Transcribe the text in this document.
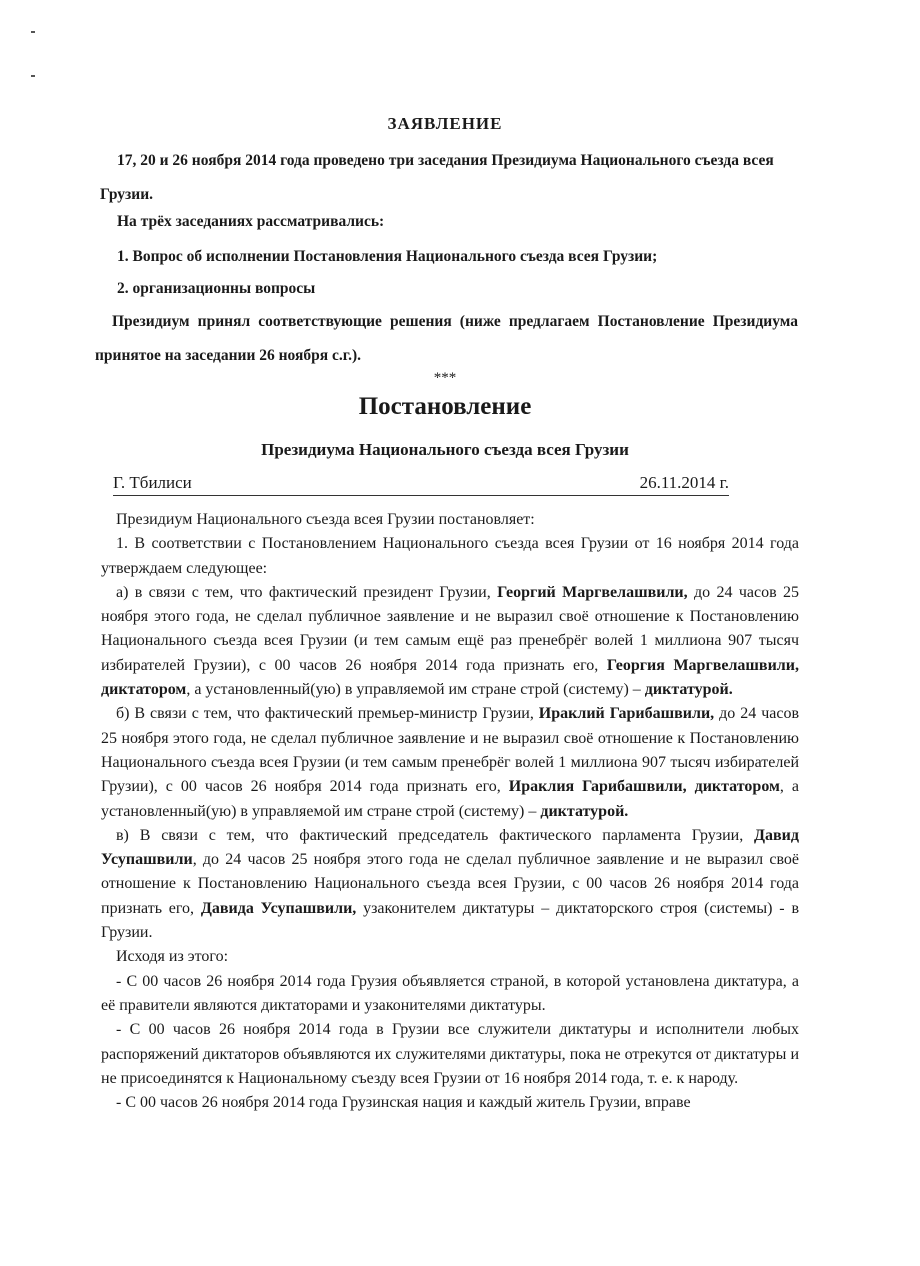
ЗАЯВЛЕНИЕ

17, 20 и 26 ноября 2014 года проведено три заседания Президиума Национального съезда всея Грузии.

На трёх заседаниях рассматривались:

1. Вопрос об исполнении Постановления Национального съезда всея Грузии;

2. организационны вопросы

Президиум принял соответствующие решения (ниже предлагаем Постановление Президиума принятое на заседании 26 ноября с.г.).

***
Постановление
Президиума Национального съезда всея Грузии
Г. Тбилиси	26.11.2014 г.

Президиум Национального съезда всея Грузии постановляет:

1. В соответствии с Постановлением Национального съезда всея Грузии от 16 ноября 2014 года утверждаем следующее:

а) в связи с тем, что фактический президент Грузии, Георгий Маргвелашвили, до 24 часов 25 ноября этого года, не сделал публичное заявление и не выразил своё отношение к Постановлению Национального съезда всея Грузии (и тем самым ещё раз пренебрёг волей 1 миллиона 907 тысяч избирателей Грузии), с 00 часов 26 ноября 2014 года признать его, Георгия Маргвелашвили, диктатором, а установленный(ую) в управляемой им стране строй (систему) – диктатурой.

б) В связи с тем, что фактический премьер-министр Грузии, Ираклий Гарибашвили, до 24 часов 25 ноября этого года, не сделал публичное заявление и не выразил своё отношение к Постановлению Национального съезда всея Грузии (и тем самым пренебрёг волей 1 миллиона 907 тысяч избирателей Грузии), с 00 часов 26 ноября 2014 года признать его, Ираклия Гарибашвили, диктатором, а установленный(ую) в управляемой им стране строй (систему) – диктатурой.

в) В связи с тем, что фактический председатель фактического парламента Грузии, Давид Усупашвили, до 24 часов 25 ноября этого года не сделал публичное заявление и не выразил своё отношение к Постановлению Национального съезда всея Грузии, с 00 часов 26 ноября 2014 года признать его, Давида Усупашвили, узаконителем диктатуры – диктаторского строя (системы) - в Грузии.

Исходя из этого:

- С 00 часов 26 ноября 2014 года Грузия объявляется страной, в которой установлена диктатура, а её правители являются диктаторами и узаконителями диктатуры.

- С 00 часов 26 ноября 2014 года в Грузии все служители диктатуры и исполнители любых распоряжений диктаторов объявляются их служителями диктатуры, пока не отрекутся от диктатуры и не присоединятся к Национальному съезду всея Грузии от 16 ноября 2014 года, т. е. к народу.

- С 00 часов 26 ноября 2014 года Грузинская нация и каждый житель Грузии, вправе
